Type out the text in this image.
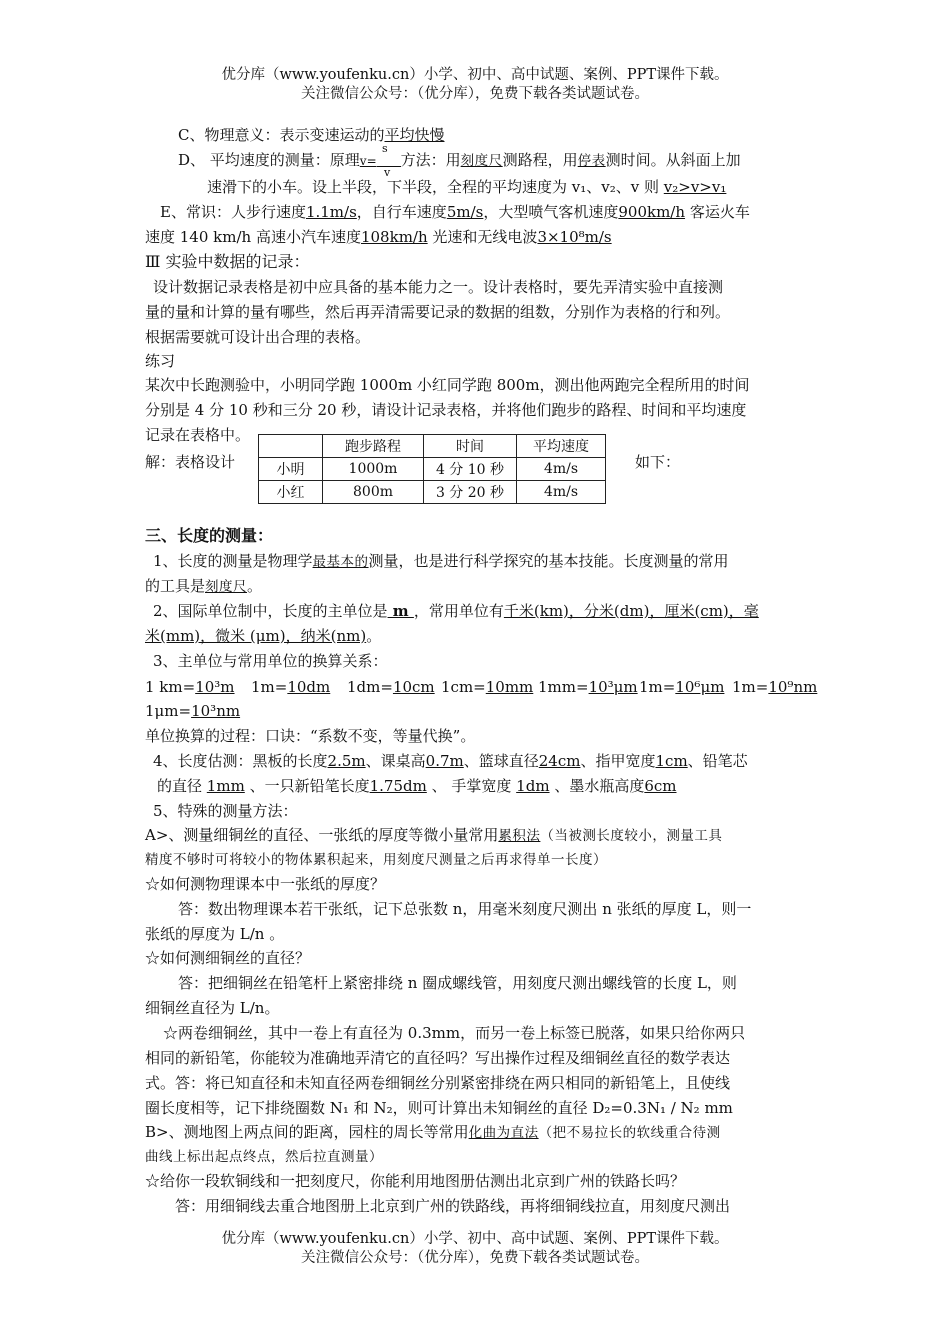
优分库（www.youfenku.cn）小学、初中、高中试题、案例、PPT课件下载。
关注微信公众号：（优分库），免费下载各类试题试卷。
C、物理意义：表示变速运动的平均快慢
s
v
D、 平均速度的测量：原理v= 方法：用刻度尺测路程，用停表测时间。从斜面上加
速滑下的小车。设上半段，下半段，全程的平均速度为 v₁、v₂、v 则 v₂>v>v₁
E、常识：人步行速度1.1m/s，自行车速度5m/s，大型喷气客机速度900km/h 客运火车
速度 140 km/h 高速小汽车速度108km/h 光速和无线电波3×10⁸m/s
Ⅲ 实验中数据的记录：
设计数据记录表格是初中应具备的基本能力之一。设计表格时，要先弄清实验中直接测
量的量和计算的量有哪些，然后再弄清需要记录的数据的组数，分别作为表格的行和列。
根据需要就可设计出合理的表格。
练习
某次中长跑测验中，小明同学跑 1000m 小红同学跑 800m，测出他两跑完全程所用的时间
分别是 4 分 10 秒和三分 20 秒，请设计记录表格，并将他们跑步的路程、时间和平均速度
记录在表格中。
解：表格设计	如下：
	跑步路程	时间	平均速度
小明	1000m	4 分 10 秒	4m/s
小红	800m	3 分 20 秒	4m/s
三、长度的测量：
1、长度的测量是物理学最基本的测量，也是进行科学探究的基本技能。长度测量的常用
的工具是刻度尺。
2、国际单位制中，长度的主单位是 m ，常用单位有千米(km)，分米(dm)，厘米(cm)，毫
米(mm)，微米 (μm)，纳米(nm)。
3、主单位与常用单位的换算关系：
1 km=10³m 1m=10dm 1dm=10cm 1cm=10mm 1mm=10³μm 1m=10⁶μm 1m=10⁹nm
1μm=10³nm
单位换算的过程：口诀：“系数不变，等量代换”。
4、长度估测：黑板的长度2.5m、课桌高0.7m、篮球直径24cm、指甲宽度1cm、铅笔芯
的直径 1mm 、一只新铅笔长度1.75dm 、 手掌宽度 1dm 、墨水瓶高度6cm
5、特殊的测量方法：
A>、测量细铜丝的直径、一张纸的厚度等微小量常用累积法（当被测长度较小，测量工具
精度不够时可将较小的物体累积起来，用刻度尺测量之后再求得单一长度）
☆如何测物理课本中一张纸的厚度？
答：数出物理课本若干张纸，记下总张数 n，用毫米刻度尺测出 n 张纸的厚度 L，则一
张纸的厚度为 L/n 。
☆如何测细铜丝的直径？
答：把细铜丝在铅笔杆上紧密排绕 n 圈成螺线管，用刻度尺测出螺线管的长度 L，则
细铜丝直径为 L/n。
☆两卷细铜丝，其中一卷上有直径为 0.3mm，而另一卷上标签已脱落，如果只给你两只
相同的新铅笔，你能较为准确地弄清它的直径吗？写出操作过程及细铜丝直径的数学表达
式。答：将已知直径和未知直径两卷细铜丝分别紧密排绕在两只相同的新铅笔上，且使线
圈长度相等，记下排绕圈数 N₁ 和 N₂，则可计算出未知铜丝的直径 D₂=0.3N₁ / N₂ mm
B>、测地图上两点间的距离，园柱的周长等常用化曲为直法（把不易拉长的软线重合待测
曲线上标出起点终点，然后拉直测量）
☆给你一段软铜线和一把刻度尺，你能利用地图册估测出北京到广州的铁路长吗？
答：用细铜线去重合地图册上北京到广州的铁路线，再将细铜线拉直，用刻度尺测出
优分库（www.youfenku.cn）小学、初中、高中试题、案例、PPT课件下载。
关注微信公众号：（优分库），免费下载各类试题试卷。
